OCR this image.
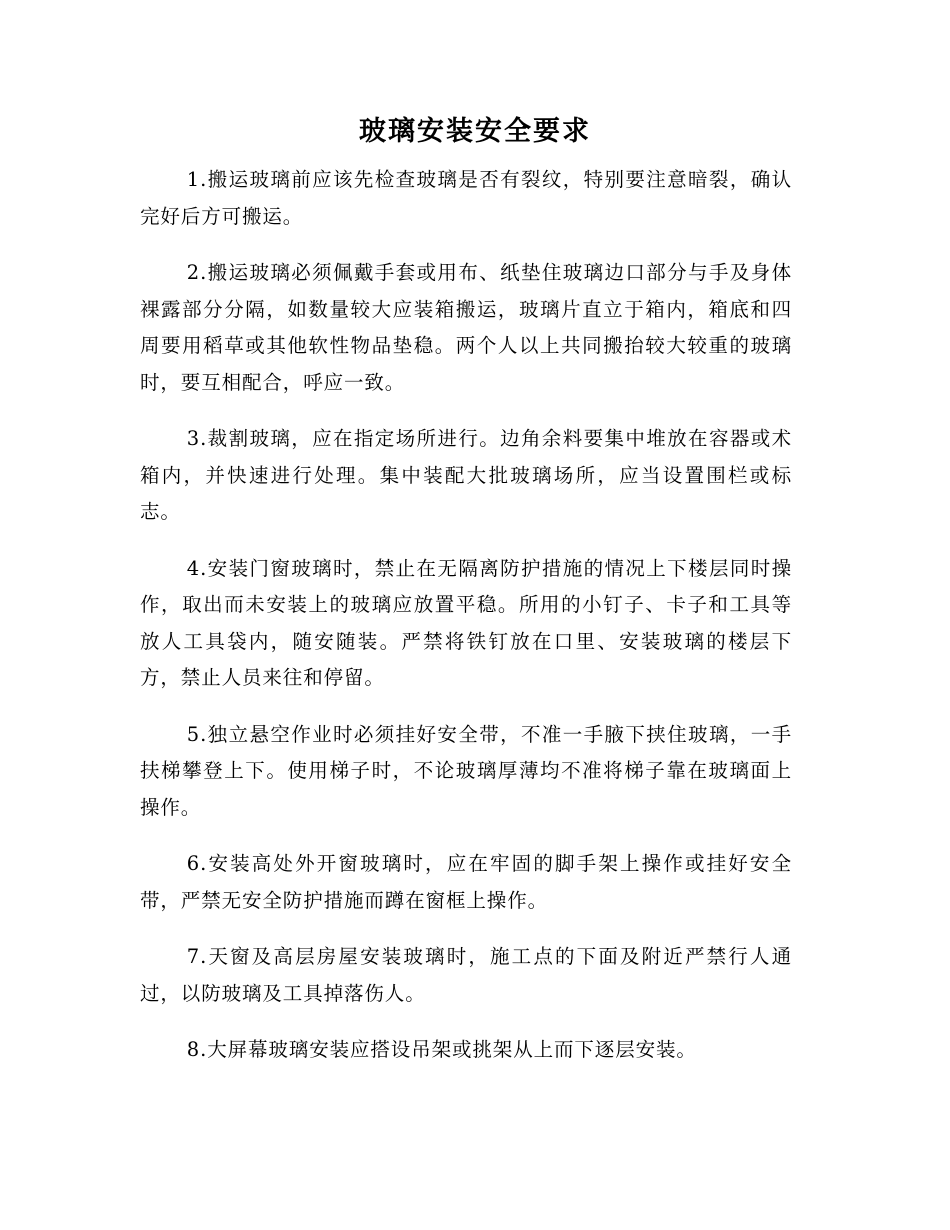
玻璃安装安全要求

1.搬运玻璃前应该先检查玻璃是否有裂纹，特别要注意暗裂，确认完好后方可搬运。

2.搬运玻璃必须佩戴手套或用布、纸垫住玻璃边口部分与手及身体裸露部分分隔，如数量较大应装箱搬运，玻璃片直立于箱内，箱底和四周要用稻草或其他软性物品垫稳。两个人以上共同搬抬较大较重的玻璃时，要互相配合，呼应一致。

3.裁割玻璃，应在指定场所进行。边角余料要集中堆放在容器或术箱内，并快速进行处理。集中装配大批玻璃场所，应当设置围栏或标志。

4.安装门窗玻璃时，禁止在无隔离防护措施的情况上下楼层同时操作，取出而未安装上的玻璃应放置平稳。所用的小钉子、卡子和工具等放人工具袋内，随安随装。严禁将铁钉放在口里、安装玻璃的楼层下方，禁止人员来往和停留。

5.独立悬空作业时必须挂好安全带，不准一手腋下挟住玻璃，一手扶梯攀登上下。使用梯子时，不论玻璃厚薄均不准将梯子靠在玻璃面上操作。

6.安装高处外开窗玻璃时，应在牢固的脚手架上操作或挂好安全带，严禁无安全防护措施而蹲在窗框上操作。

7.天窗及高层房屋安装玻璃时，施工点的下面及附近严禁行人通过，以防玻璃及工具掉落伤人。

8.大屏幕玻璃安装应搭设吊架或挑架从上而下逐层安装。
